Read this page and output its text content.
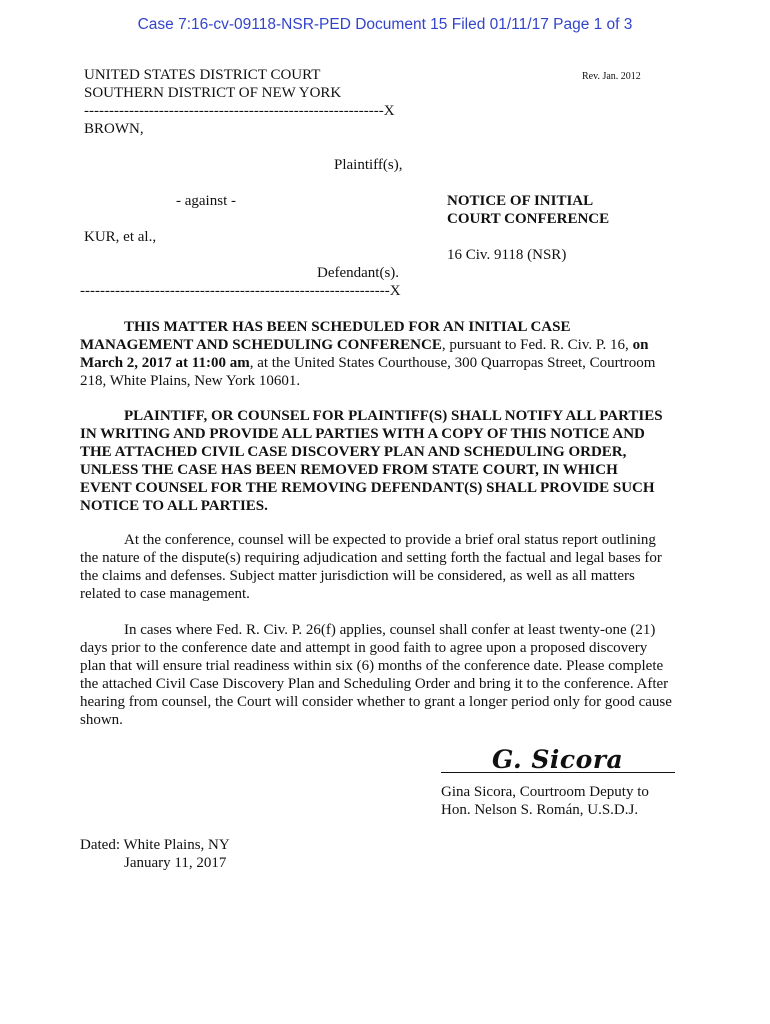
Case 7:16-cv-09118-NSR-PED Document 15 Filed 01/11/17 Page 1 of 3
UNITED STATES DISTRICT COURT
SOUTHERN DISTRICT OF NEW YORK
Rev. Jan. 2012
------------------------------------------------------------X
BROWN,
Plaintiff(s),
- against -	NOTICE OF INITIAL
COURT CONFERENCE
KUR, et al.,
16 Civ. 9118 (NSR)
Defendant(s).
--------------------------------------------------------------X
THIS MATTER HAS BEEN SCHEDULED FOR AN INITIAL CASE
MANAGEMENT AND SCHEDULING CONFERENCE, pursuant to Fed. R. Civ. P. 16, on
March 2, 2017 at 11:00 am, at the United States Courthouse, 300 Quarropas Street, Courtroom
218, White Plains, New York 10601.
PLAINTIFF, OR COUNSEL FOR PLAINTIFF(S) SHALL NOTIFY ALL PARTIES
IN WRITING AND PROVIDE ALL PARTIES WITH A COPY OF THIS NOTICE AND
THE ATTACHED CIVIL CASE DISCOVERY PLAN AND SCHEDULING ORDER,
UNLESS THE CASE HAS BEEN REMOVED FROM STATE COURT, IN WHICH
EVENT COUNSEL FOR THE REMOVING DEFENDANT(S) SHALL PROVIDE SUCH
NOTICE TO ALL PARTIES.
At the conference, counsel will be expected to provide a brief oral status report outlining
the nature of the dispute(s) requiring adjudication and setting forth the factual and legal bases for
the claims and defenses. Subject matter jurisdiction will be considered, as well as all matters
related to case management.
In cases where Fed. R. Civ. P. 26(f) applies, counsel shall confer at least twenty-one (21)
days prior to the conference date and attempt in good faith to agree upon a proposed discovery
plan that will ensure trial readiness within six (6) months of the conference date. Please complete
the attached Civil Case Discovery Plan and Scheduling Order and bring it to the conference. After
hearing from counsel, the Court will consider whether to grant a longer period only for good cause
shown.
G. Sicora
Gina Sicora, Courtroom Deputy to
Hon. Nelson S. Román, U.S.D.J.
Dated: White Plains, NY
January 11, 2017
